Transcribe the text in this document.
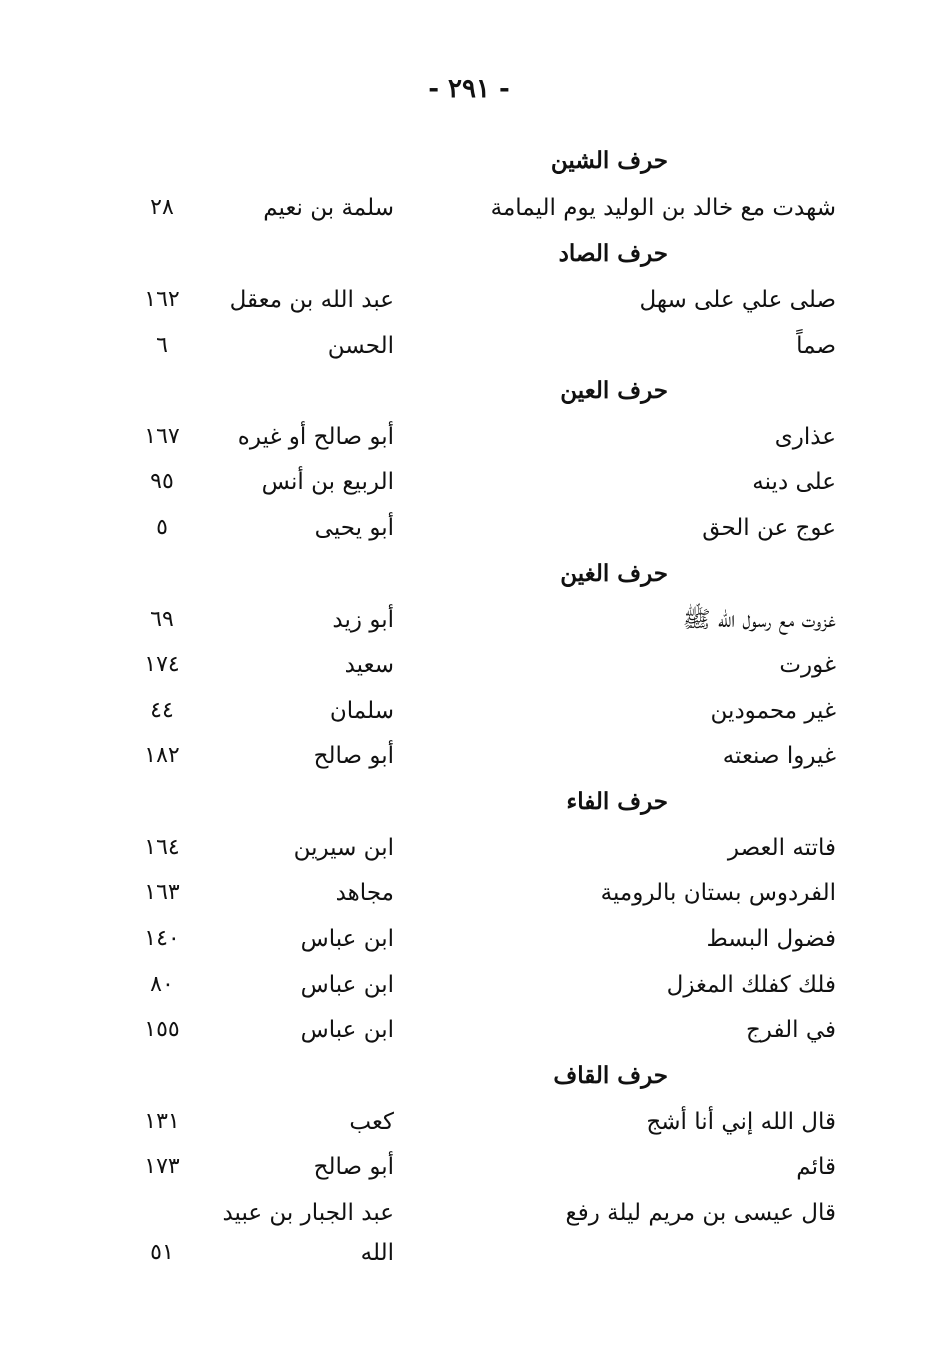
- ٢٩١ -
حرف الشين
شهدت مع خالد بن الوليد يوم اليمامة
سلمة بن نعيم
٢٨
حرف الصاد
صلى علي على سهل
عبد الله بن معقل
١٦٢
صماً
الحسن
٦
حرف العين
عذارى
أبو صالح أو غيره
١٦٧
على دينه
الربيع بن أنس
٩٥
عوج عن الحق
أبو يحيى
٥
حرف الغين
غزوت مع رسول الله ﷺ
أبو زيد
٦٩
غورت
سعيد
١٧٤
غير محمودين
سلمان
٤٤
غيروا صنعته
أبو صالح
١٨٢
حرف الفاء
فاتته العصر
ابن سيرين
١٦٤
الفردوس بستان بالرومية
مجاهد
١٦٣
فضول البسط
ابن عباس
١٤٠
فلك كفلك المغزل
ابن عباس
٨٠
في الفرج
ابن عباس
١٥٥
حرف القاف
قال الله إني أنا أشج
كعب
١٣١
قائم
أبو صالح
١٧٣
قال عيسى بن مريم ليلة رفع
عبد الجبار بن عبيد
الله
٥١
